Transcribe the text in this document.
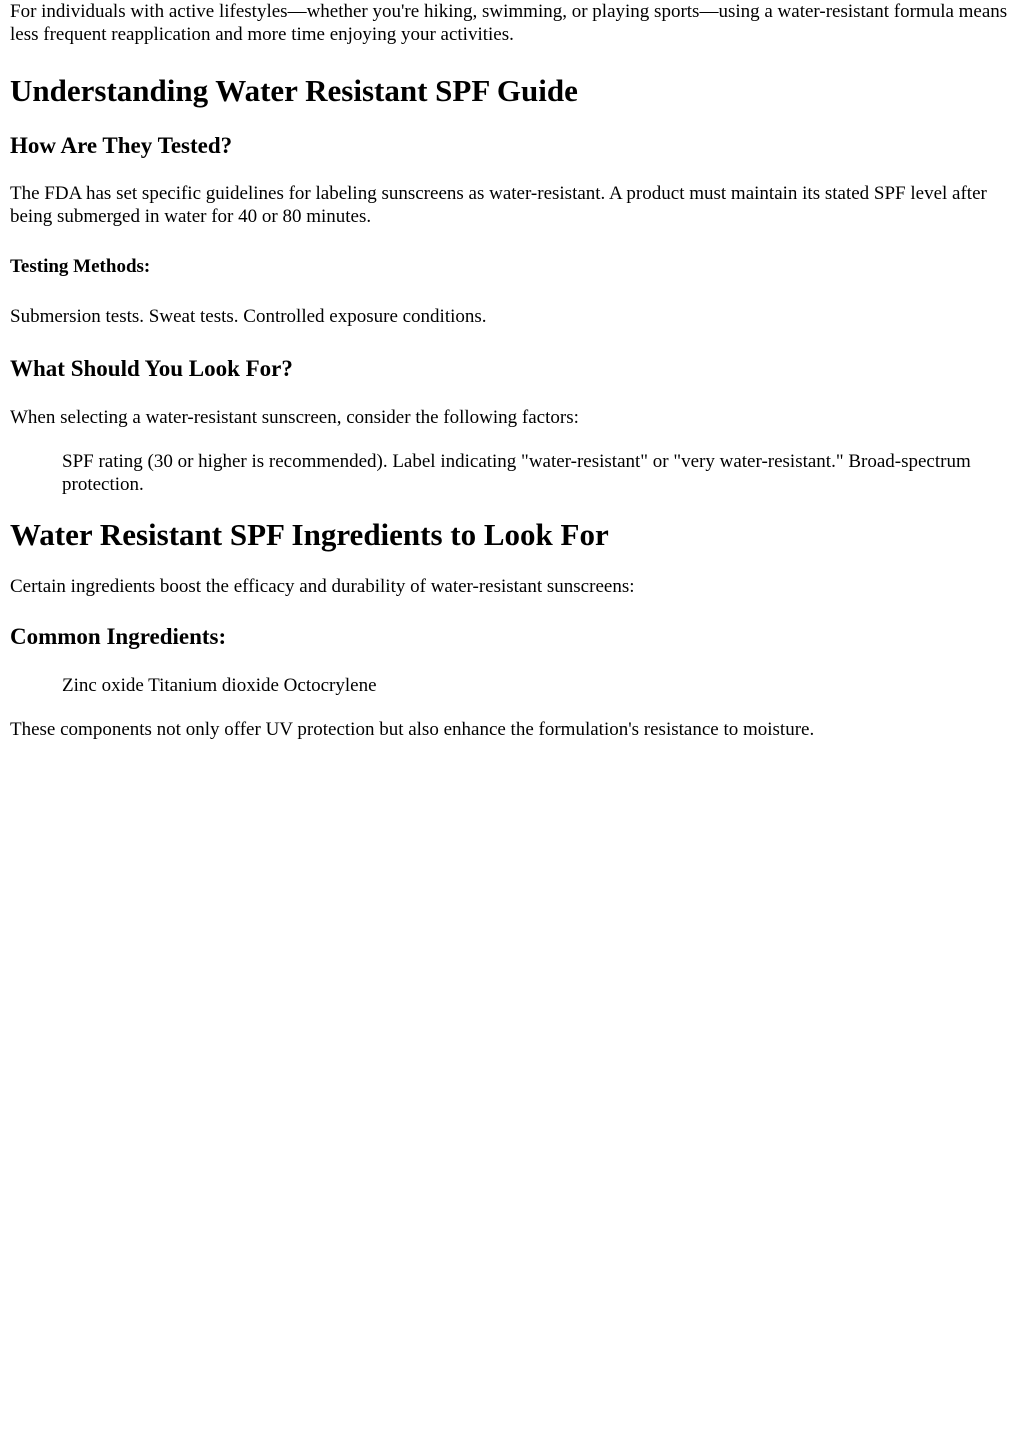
For individuals with active lifestyles—whether you're hiking, swimming, or playing sports—using a water-resistant formula means less frequent reapplication and more time enjoying your activities.

Understanding Water Resistant SPF Guide
How Are They Tested?

The FDA has set specific guidelines for labeling sunscreens as water-resistant. A product must maintain its stated SPF level after being submerged in water for 40 or 80 minutes.

Testing Methods:

Submersion tests. Sweat tests. Controlled exposure conditions.

What Should You Look For?

When selecting a water-resistant sunscreen, consider the following factors:

SPF rating (30 or higher is recommended). Label indicating "water-resistant" or "very water-resistant." Broad-spectrum protection.

Water Resistant SPF Ingredients to Look For

Certain ingredients boost the efficacy and durability of water-resistant sunscreens:

Common Ingredients:

Zinc oxide Titanium dioxide Octocrylene

These components not only offer UV protection but also enhance the formulation's resistance to moisture.
